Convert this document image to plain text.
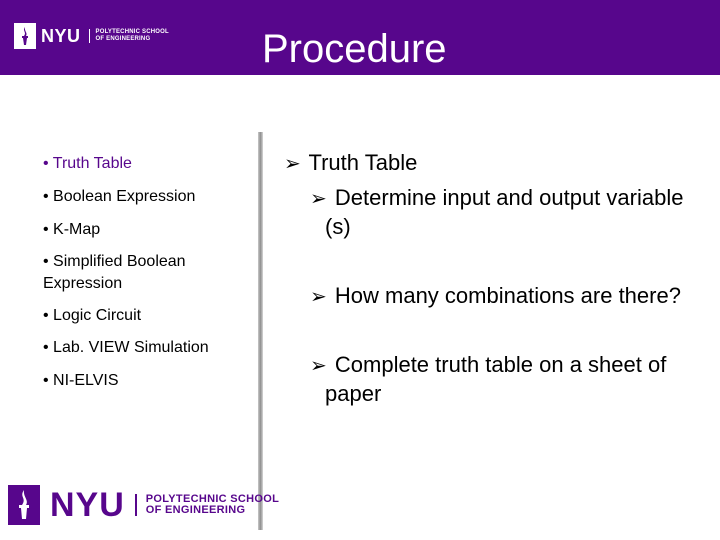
NYU	POLYTECHNIC SCHOOL
OF ENGINEERING	Procedure
• Truth Table
• Boolean Expression
• K-Map
• Simplified Boolean
Expression
• Logic Circuit
• Lab. VIEW Simulation
• NI-ELVIS
➢ Truth Table
➢ Determine input and output variable
(s)
➢ How many combinations are there?
➢ Complete truth table on a sheet of
paper
NYU POLYTECHNIC SCHOOL
OF ENGINEERING
